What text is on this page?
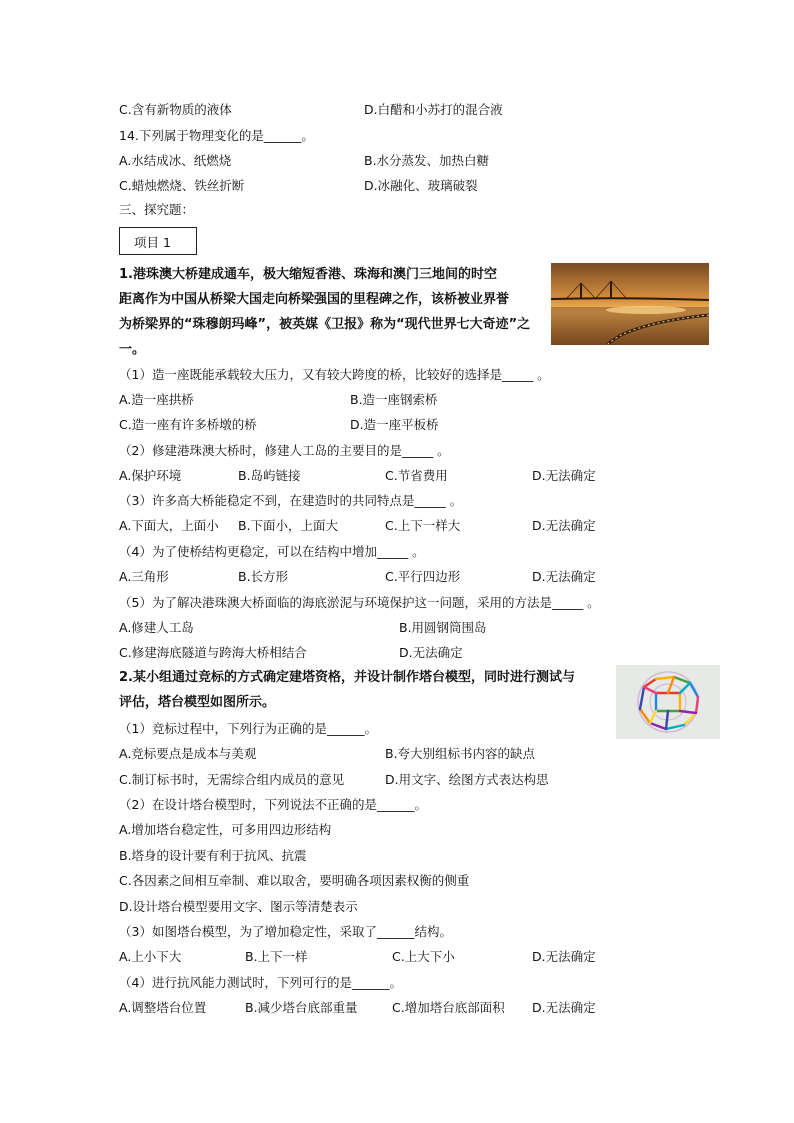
C.含有新物质的液体	D.白醋和小苏打的混合液
14.下列属于物理变化的是______。
A.水结成冰、纸燃烧	B.水分蒸发、加热白糖
C.蜡烛燃烧、铁丝折断	D.冰融化、玻璃破裂
三、探究题：
项目 1
1.港珠澳大桥建成通车，极大缩短香港、珠海和澳门三地间的时空
距离作为中国从桥梁大国走向桥梁强国的里程碑之作，该桥被业界誉
为桥梁界的“珠穆朗玛峰”，被英媒《卫报》称为“现代世界七大奇迹”之
一。
（1）造一座既能承载较大压力，又有较大跨度的桥，比较好的选择是_____ 。
A.造一座拱桥	B.造一座钢索桥
C.造一座有许多桥墩的桥	D.造一座平板桥
（2）修建港珠澳大桥时，修建人工岛的主要目的是_____ 。
A.保护环境	B.岛屿链接	C.节省费用	D.无法确定
（3）许多高大桥能稳定不到，在建造时的共同特点是_____ 。
A.下面大，上面小 B.下面小，上面大	C.上下一样大	D.无法确定
（4）为了使桥结构更稳定，可以在结构中增加_____ 。
A.三角形	B.长方形	C.平行四边形	D.无法确定
（5）为了解决港珠澳大桥面临的海底淤泥与环境保护这一问题，采用的方法是_____ 。
A.修建人工岛	B.用圆钢筒围岛
C.修建海底隧道与跨海大桥相结合	D.无法确定
2.某小组通过竞标的方式确定建塔资格，并设计制作塔台模型，同时进行测试与
评估，塔台模型如图所示。
（1）竞标过程中，下列行为正确的是______。
A.竞标要点是成本与美观	B.夸大别组标书内容的缺点
C.制订标书时，无需综合组内成员的意见	D.用文字、绘图方式表达构思
（2）在设计塔台模型时，下列说法不正确的是______。
A.增加塔台稳定性，可多用四边形结构
B.塔身的设计要有利于抗风、抗震
C.各因素之间相互牵制、难以取舍，要明确各项因素权衡的侧重
D.设计塔台模型要用文字、图示等清楚表示
（3）如图塔台模型，为了增加稳定性，采取了______结构。
A.上小下大	B.上下一样	C.上大下小	D.无法确定
（4）进行抗风能力测试时，下列可行的是______。
A.调整塔台位置	B.减少塔台底部重量	C.增加塔台底部面积 D.无法确定
